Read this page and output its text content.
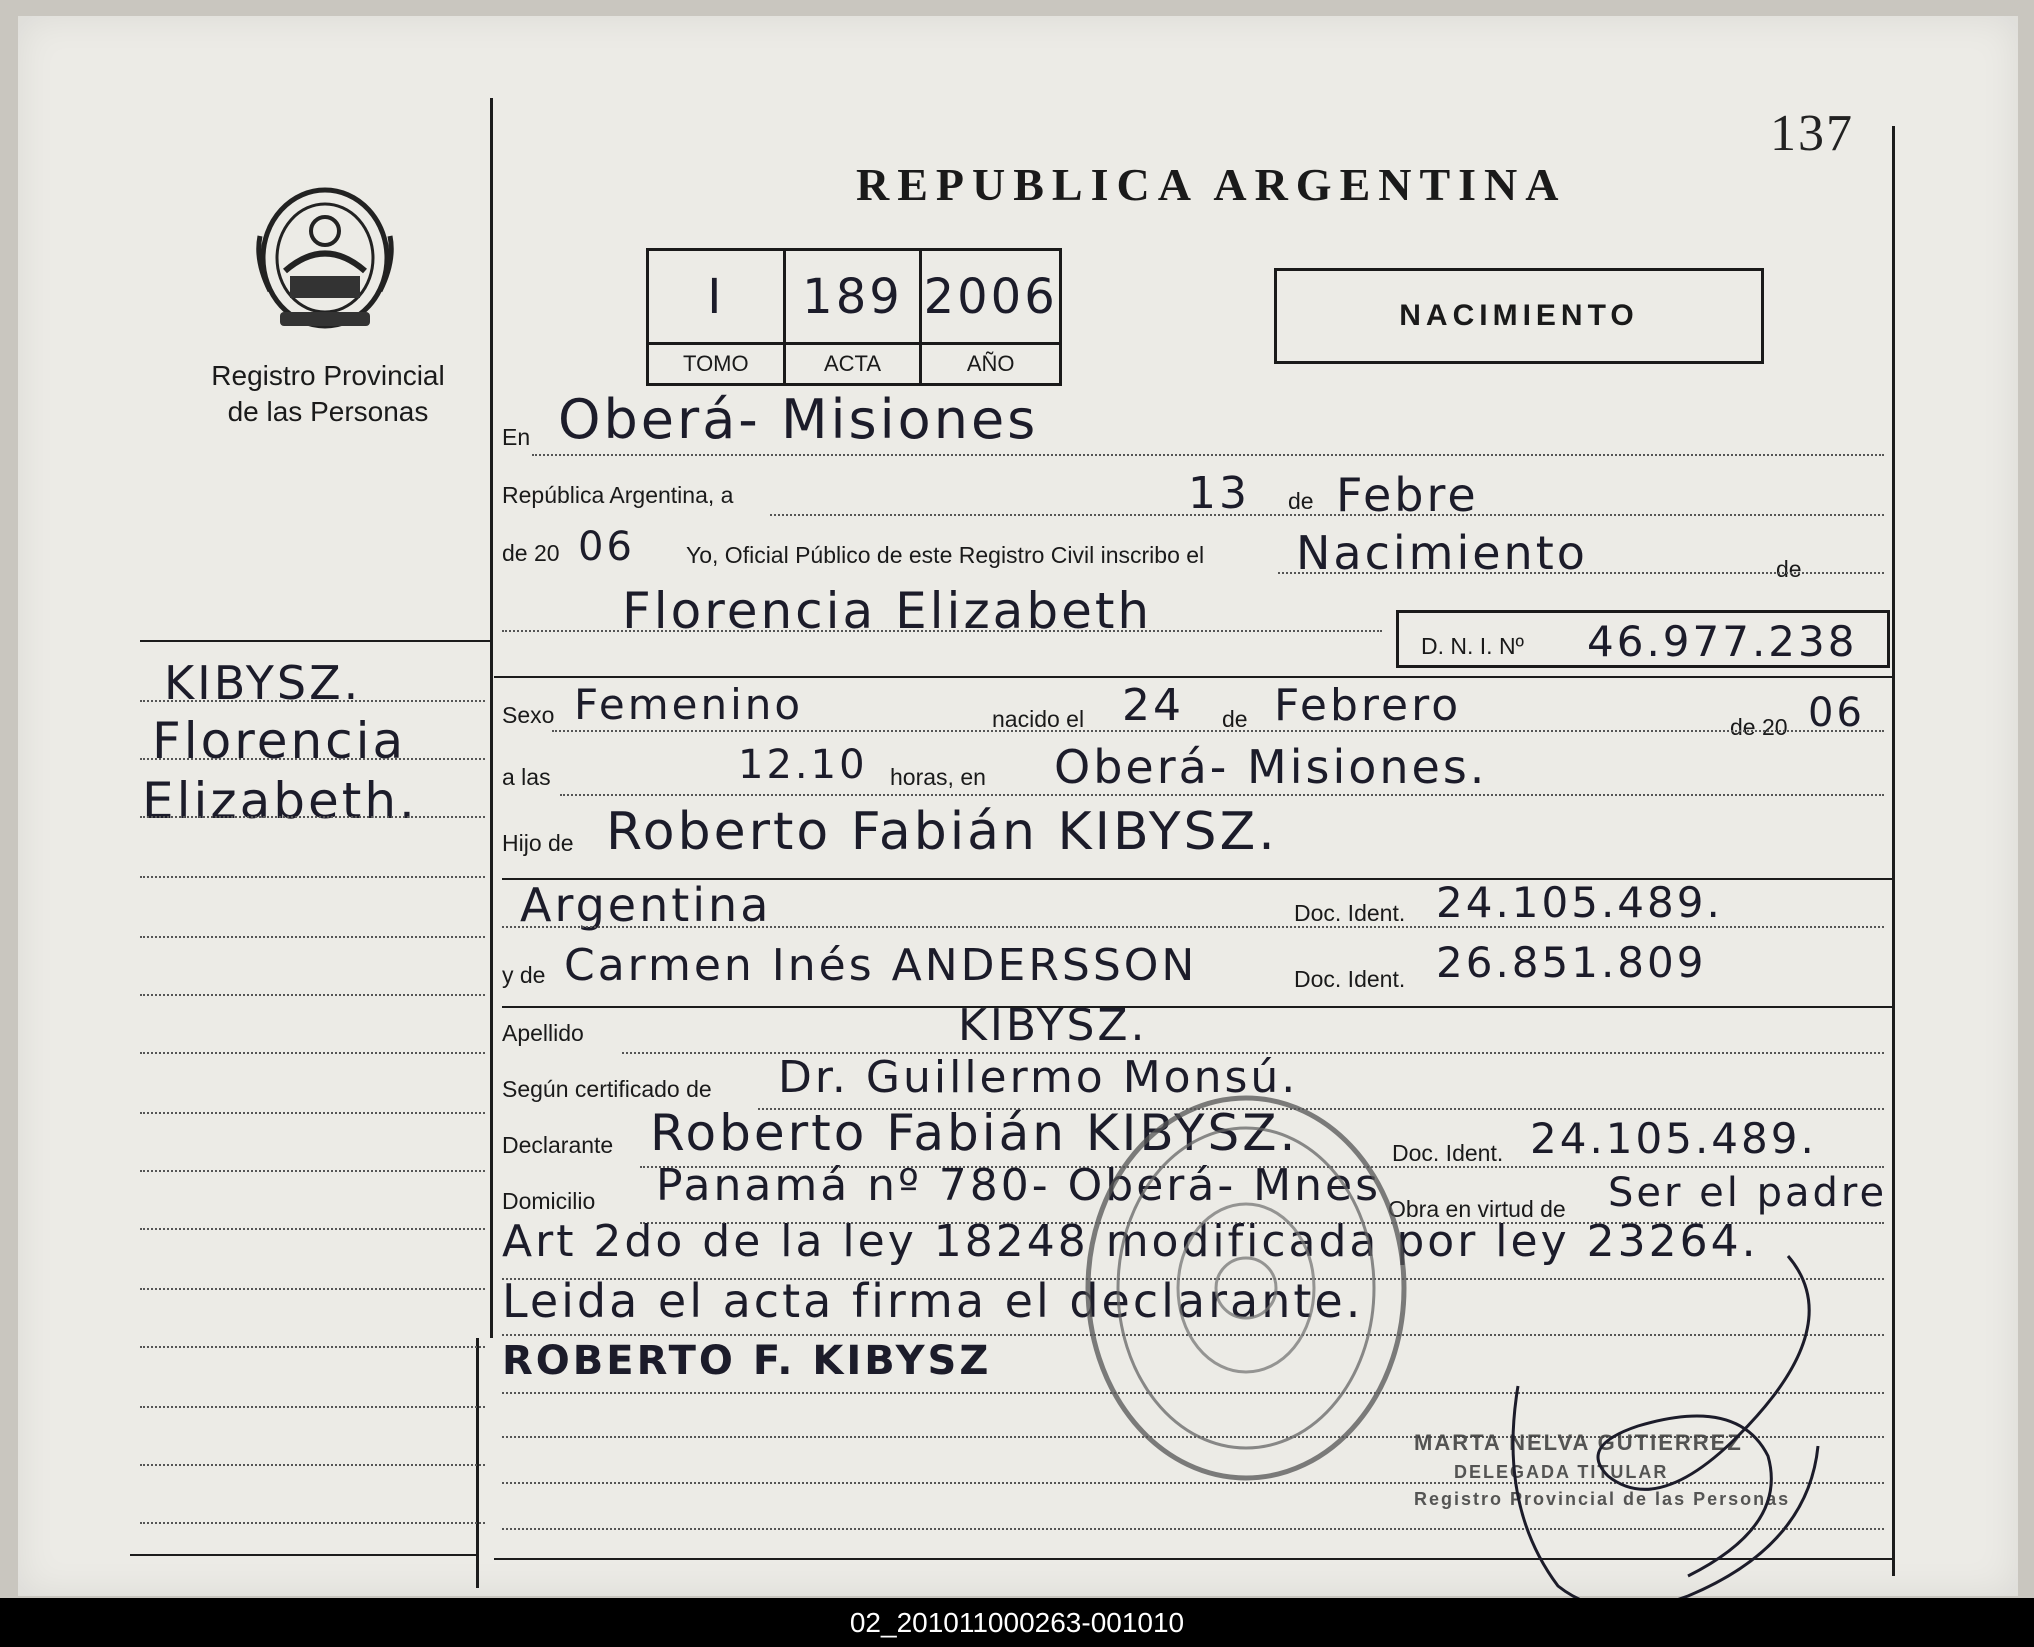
137
Registro Provincial
de las Personas
REPUBLICA ARGENTINA
I	189 2006
TOMO	ACTA	AÑO
NACIMIENTO
KIBYSZ.
Florencia
Elizabeth.
En Oberá- Misiones
República Argentina, a	13 de Febre
de 20 06 Yo, Oficial Público de este Registro Civil inscribo el Nacimiento	de
Florencia Elizabeth
D. N. I. Nº 46.977.238
Sexo Femenino	nacido el 24 de Febrero	de 20 06
a las	12.10 horas, en Oberá- Misiones.
Hijo de Roberto Fabián KIBYSZ.
Argentina	Doc. Ident. 24.105.489.
y de Carmen Inés ANDERSSON	Doc. Ident. 26.851.809
Apellido	KIBYSZ.
Según certificado de Dr. Guillermo Monsú.
Declarante Roberto Fabián KIBYSZ.	Doc. Ident. 24.105.489.
Domicilio Panamá nº 780- Oberá- Mnes Obra en virtud de Ser el padre
Art 2do de la ley 18248 modificada por ley 23264.
Leida el acta firma el declarante.
ROBERTO F. KIBYSZ
MARTA NELVA GUTIERREZ
DELEGADA TITULAR
Registro Provincial de las Personas
02_201011000263-001010
